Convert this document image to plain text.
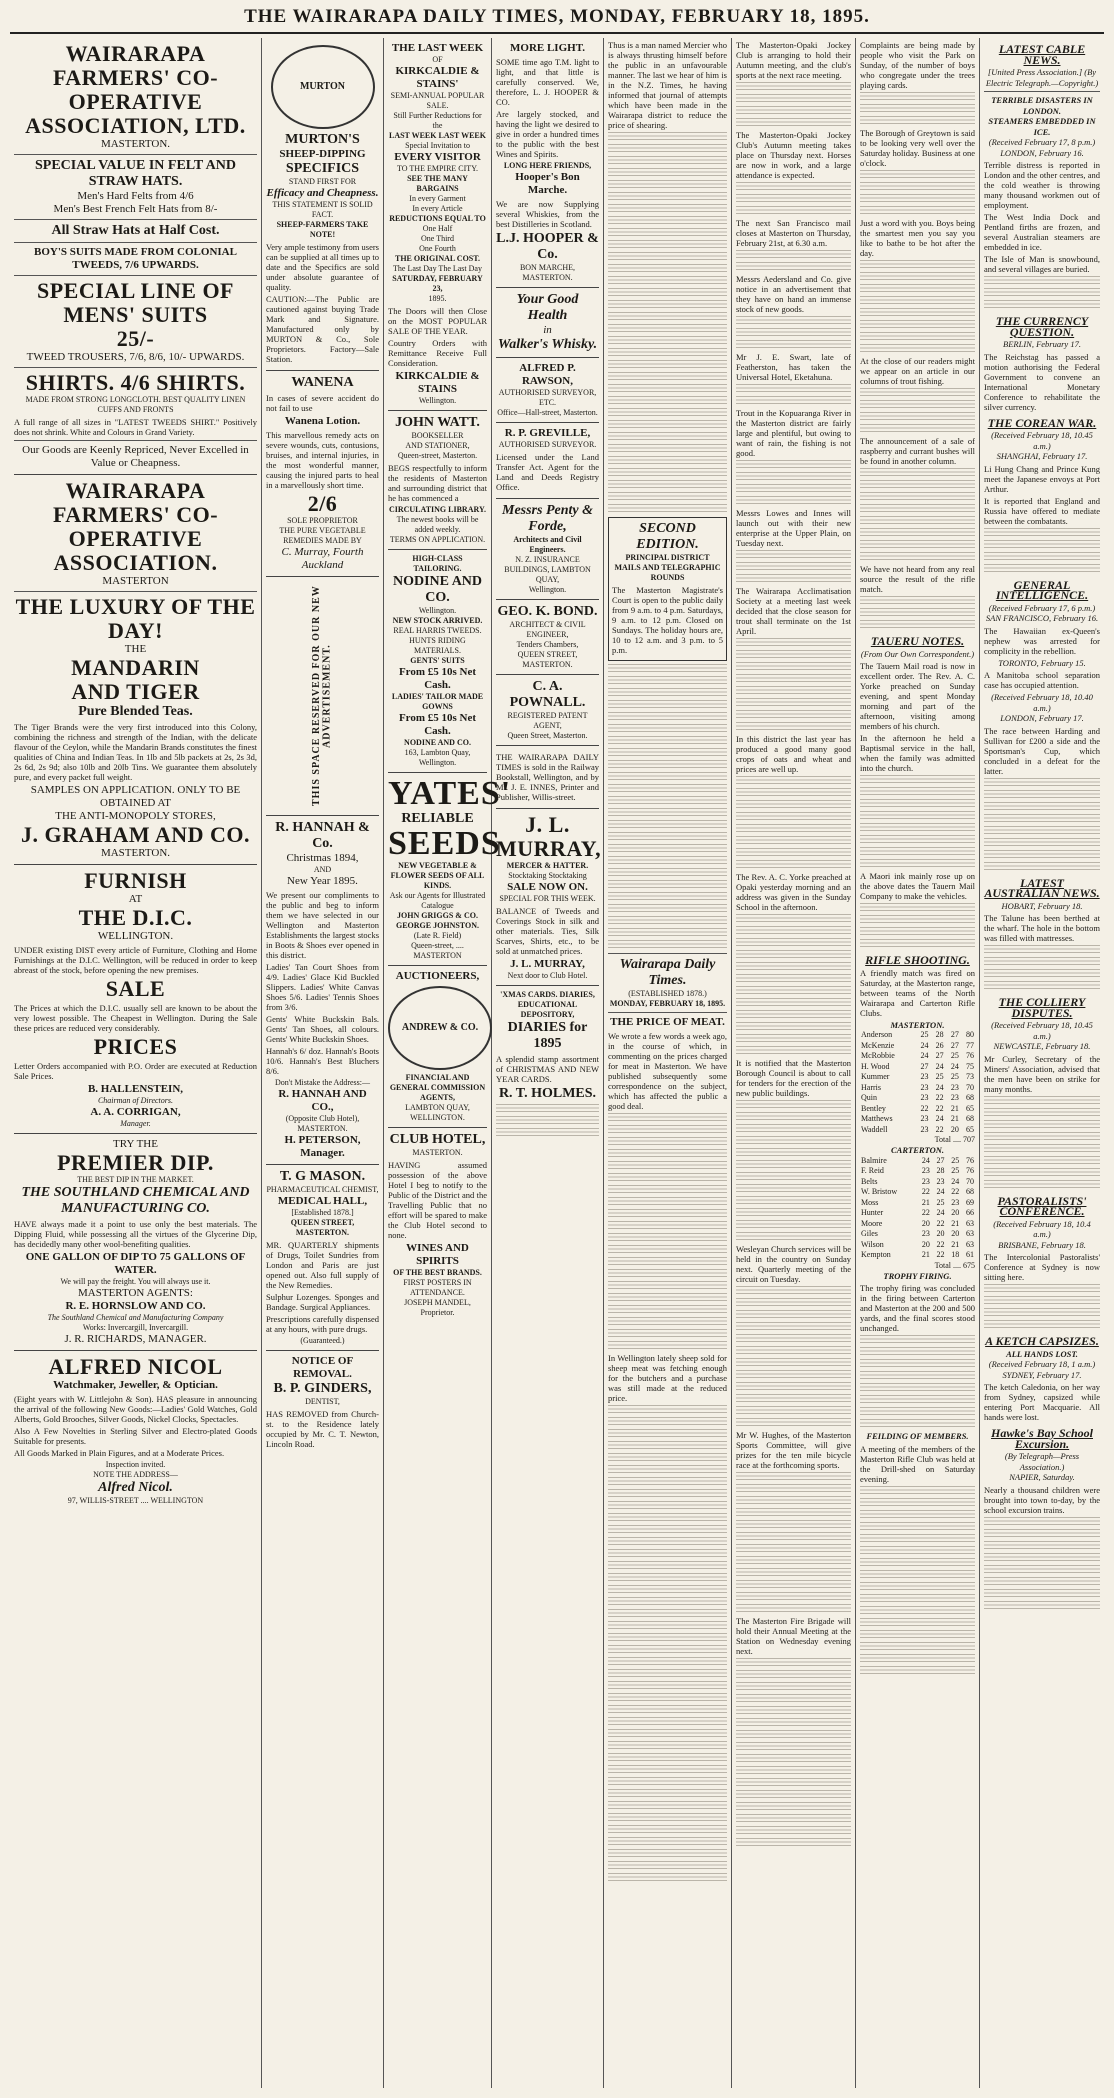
THE WAIRARAPA DAILY TIMES, MONDAY, FEBRUARY 18, 1895.
WAIRARAPA FARMERS' CO-OPERATIVE ASSOCIATION, LTD.
MASTERTON.
SPECIAL VALUE IN FELT AND STRAW HATS.
Men's Hard Felts from 4/6
Men's Best French Felt Hats from 8/-
All Straw Hats at Half Cost.
BOY'S SUITS MADE FROM COLONIAL TWEEDS, 7/6 UPWARDS.
SPECIAL LINE OF MENS' SUITS
25/-
TWEED TROUSERS, 7/6, 8/6, 10/- UPWARDS.
SHIRTS. 4/6 SHIRTS.
MADE FROM STRONG LONGCLOTH. BEST QUALITY LINEN CUFFS AND FRONTS
A full range of all sizes in "LATEST TWEEDS SHIRT." Positively does not shrink. White and Colours in Grand Variety.
Our Goods are Keenly Repriced, Never Excelled in Value or Cheapness.
WAIRARAPA FARMERS' CO-OPERATIVE ASSOCIATION.
MASTERTON
THE LUXURY OF THE DAY!
THE
MANDARIN
AND TIGER
Pure Blended Teas.
The Tiger Brands were the very first introduced into this Colony, combining the richness and strength of the Indian, with the delicate flavour of the Ceylon, while the Mandarin Brands constitutes the finest qualities of China and Indian Teas. In 1lb and 5lb packets at 2s, 2s 3d, 2s 6d, 2s 9d; also 10lb and 20lb Tins. We guarantee them absolutely pure, and every packet full weight.
SAMPLES ON APPLICATION. ONLY TO BE OBTAINED AT
THE ANTI-MONOPOLY STORES,
J. GRAHAM AND CO.
MASTERTON.
FURNISH
AT
THE D.I.C.
WELLINGTON.
UNDER existing DIST every article of Furniture, Clothing and Home Furnishings at the D.I.C. Wellington, will be reduced in order to keep abreast of the stock, before opening the new premises.
SALE
The Prices at which the D.I.C. usually sell are known to be about the very lowest possible. The Cheapest in Wellington. During the Sale these prices are reduced very considerably.
PRICES
Letter Orders accompanied with P.O. Order are executed at Reduction Sale Prices.
B. HALLENSTEIN,
Chairman of Directors.
A. A. CORRIGAN,
Manager.
TRY THE
PREMIER DIP.
THE BEST DIP IN THE MARKET.
THE SOUTHLAND CHEMICAL AND MANUFACTURING CO.
HAVE always made it a point to use only the best materials. The Dipping Fluid, while possessing all the virtues of the Glycerine Dip, has decidedly many other wool-benefiting qualities.
ONE GALLON OF DIP TO 75 GALLONS OF WATER.
We will pay the freight. You will always use it.
MASTERTON AGENTS:
R. E. HORNSLOW AND CO.
The Southland Chemical and Manufacturing Company
Works: Invercargill, Invercargill.
J. R. RICHARDS, MANAGER.
ALFRED NICOL
Watchmaker, Jeweller, & Optician.
(Eight years with W. Littlejohn & Son). HAS pleasure in announcing the arrival of the following New Goods:—Ladies' Gold Watches, Gold Alberts, Gold Brooches, Silver Goods, Nickel Clocks, Spectacles.
Also A Few Novelties in Sterling Silver and Electro-plated Goods Suitable for presents.
All Goods Marked in Plain Figures, and at a Moderate Prices.
Inspection invited.
NOTE THE ADDRESS—
Alfred Nicol.
97, WILLIS-STREET .... WELLINGTON
MURTON
MURTON'S
SHEEP-DIPPING
SPECIFICS
STAND FIRST FOR
Efficacy and Cheapness.
THIS STATEMENT IS SOLID FACT.
SHEEP-FARMERS TAKE NOTE!
Very ample testimony from users can be supplied at all times up to date and the Specifics are sold under absolute guarantee of quality.
CAUTION:—The Public are cautioned against buying Trade Mark and Signature. Manufactured only by MURTON & Co., Sole Proprietors. Factory—Sale Station.
WANENA
In cases of severe accident do not fail to use
Wanena Lotion.
This marvellous remedy acts on severe wounds, cuts, contusions, bruises, and internal injuries, in the most wonderful manner, causing the injured parts to heal in a marvellously short time.
2/6
SOLE PROPRIETOR
THE PURE VEGETABLE REMEDIES MADE BY
C. Murray, Fourth Auckland
THIS SPACE RESERVED FOR OUR NEW ADVERTISEMENT.
R. HANNAH & Co.
Christmas 1894,
AND
New Year 1895.
We present our compliments to the public and beg to inform them we have selected in our Wellington and Masterton Establishments the largest stocks in Boots & Shoes ever opened in this district.
Ladies' Tan Court Shoes from 4/9. Ladies' Glace Kid Buckled Slippers. Ladies' White Canvas Shoes 5/6. Ladies' Tennis Shoes from 3/6.
Gents' White Buckskin Bals. Gents' Tan Shoes, all colours. Gents' White Buckskin Shoes.
Hannah's 6/ doz. Hannah's Boots 10/6. Hannah's Best Bluchers 8/6.
Don't Mistake the Address:—
R. HANNAH AND CO.,
(Opposite Club Hotel),
MASTERTON.
H. PETERSON, Manager.
T. G MASON.
PHARMACEUTICAL CHEMIST,
MEDICAL HALL,
[Established 1878.]
QUEEN STREET, MASTERTON.
MR. QUARTERLY shipments of Drugs, Toilet Sundries from London and Paris are just opened out. Also full supply of the New Remedies.
Sulphur Lozenges. Sponges and Bandage. Surgical Appliances.
Prescriptions carefully dispensed at any hours, with pure drugs.
(Guaranteed.)
NOTICE OF REMOVAL.
B. P. GINDERS,
DENTIST,
HAS REMOVED from Church-st. to the Residence lately occupied by Mr. C. T. Newton, Lincoln Road.
THE LAST WEEK
OF
KIRKCALDIE & STAINS'
SEMI-ANNUAL POPULAR SALE.
Still Further Reductions for the
LAST WEEK LAST WEEK
Special Invitation to
EVERY VISITOR
TO THE EMPIRE CITY.
SEE THE MANY BARGAINS
In every Garment
In every Article
REDUCTIONS EQUAL TO
One Half
One Third
One Fourth
THE ORIGINAL COST.
The Last Day The Last Day
SATURDAY, FEBRUARY 23,
1895.
The Doors will then Close on the MOST POPULAR SALE OF THE YEAR.
Country Orders with Remittance Receive Full Consideration.
KIRKCALDIE & STAINS
Wellington.
JOHN WATT.
BOOKSELLER
AND STATIONER,
Queen-street, Masterton.
BEGS respectfully to inform the residents of Masterton and surrounding district that he has commenced a
CIRCULATING LIBRARY.
The newest books will be added weekly.
TERMS ON APPLICATION.
HIGH-CLASS TAILORING.
NODINE AND CO.
Wellington.
NEW STOCK ARRIVED.
REAL HARRIS TWEEDS. HUNTS RIDING MATERIALS.
GENTS' SUITS
From £5 10s Net Cash.
LADIES' TAILOR MADE GOWNS
From £5 10s Net Cash.
NODINE AND CO.
163, Lambton Quay, Wellington.
YATES'
RELIABLE
SEEDS
NEW VEGETABLE & FLOWER SEEDS OF ALL KINDS.
Ask our Agents for Illustrated Catalogue
JOHN GRIGGS & CO.
GEORGE JOHNSTON.
(Late R. Field)
Queen-street, .... MASTERTON
AUCTIONEERS,
ANDREW & CO.
FINANCIAL AND GENERAL COMMISSION AGENTS,
LAMBTON QUAY, WELLINGTON.
CLUB HOTEL,
MASTERTON.
HAVING assumed possession of the above Hotel I beg to notify to the Public of the District and the Travelling Public that no effort will be spared to make the Club Hotel second to none.
WINES AND SPIRITS
OF THE BEST BRANDS.
FIRST POSTERS IN ATTENDANCE.
JOSEPH MANDEL, Proprietor.
MORE LIGHT.
SOME time ago T.M. light to light, and that little is carefully conserved. We, therefore, L. J. HOOPER & CO.
Are largely stocked, and having the light we desired to give in order a hundred times to the public with the best Wines and Spirits.
LONG HERE FRIENDS,
Hooper's Bon Marche.
We are now Supplying several Whiskies, from the best Distilleries in Scotland.
L.J. HOOPER & Co.
BON MARCHE, MASTERTON.
Your Good Health
in
Walker's Whisky.
ALFRED P. RAWSON,
AUTHORISED SURVEYOR, ETC.
Office—Hall-street, Masterton.
R. P. GREVILLE,
AUTHORISED SURVEYOR.
Licensed under the Land Transfer Act. Agent for the Land and Deeds Registry Office.
Messrs Penty & Forde,
Architects and Civil Engineers.
N. Z. INSURANCE BUILDINGS, LAMBTON QUAY,
Wellington.
GEO. K. BOND.
ARCHITECT & CIVIL ENGINEER,
Tenders Chambers,
QUEEN STREET, MASTERTON.
C. A. POWNALL.
REGISTERED PATENT AGENT,
Queen Street, Masterton.
THE WAIRARAPA DAILY TIMES is sold in the Railway Bookstall, Wellington, and by Mr. J. E. INNES, Printer and Publisher, Willis-street.
J. L. MURRAY,
MERCER & HATTER.
Stocktaking Stocktaking
SALE NOW ON.
SPECIAL FOR THIS WEEK.
BALANCE of Tweeds and Coverings Stock in silk and other materials. Ties, Silk Scarves, Shirts, etc., to be sold at unmatched prices.
J. L. MURRAY,
Next door to Club Hotel.
'XMAS CARDS. DIARIES, EDUCATIONAL DEPOSITORY,
DIARIES for 1895
A splendid stamp assortment of CHRISTMAS AND NEW YEAR CARDS.
R. T. HOLMES.
Thus is a man named Mercier who is always thrusting himself before the public in an unfavourable manner. The last we hear of him is in the N.Z. Times, he having informed that journal of attempts which have been made in the Wairarapa district to reduce the price of shearing.
SECOND EDITION.
PRINCIPAL DISTRICT MAILS AND TELEGRAPHIC ROUNDS
The Masterton Magistrate's Court is open to the public daily from 9 a.m. to 4 p.m. Saturdays, 9 a.m. to 12 p.m. Closed on Sundays. The holiday hours are, 10 to 12 a.m. and 3 p.m. to 5 p.m.
Wairarapa Daily Times.
(ESTABLISHED 1878.)
MONDAY, FEBRUARY 18, 1895.
THE PRICE OF MEAT.
We wrote a few words a week ago, in the course of which, in commenting on the prices charged for meat in Masterton. We have published subsequently some correspondence on the subject, which has affected the public a good deal.
In Wellington lately sheep sold for sheep meat was fetching enough for the butchers and a purchase was still made at the reduced price.
The Masterton-Opaki Jockey Club is arranging to hold their Autumn meeting, and the club's sports at the next race meeting.
The Masterton-Opaki Jockey Club's Autumn meeting takes place on Thursday next. Horses are now in work, and a large attendance is expected.
The next San Francisco mail closes at Masterton on Thursday, February 21st, at 6.30 a.m.
Messrs Aedersland and Co. give notice in an advertisement that they have on hand an immense stock of new goods.
Mr J. E. Swart, late of Featherston, has taken the Universal Hotel, Eketahuna.
Trout in the Kopuaranga River in the Masterton district are fairly large and plentiful, but owing to want of rain, the fishing is not good.
Messrs Lowes and Innes will launch out with their new enterprise at the Upper Plain, on Tuesday next.
The Wairarapa Acclimatisation Society at a meeting last week decided that the close season for trout shall terminate on the 1st April.
In this district the last year has produced a good many good crops of oats and wheat and prices are well up.
The Rev. A. C. Yorke preached at Opaki yesterday morning and an address was given in the Sunday School in the afternoon.
It is notified that the Masterton Borough Council is about to call for tenders for the erection of the new public buildings.
Wesleyan Church services will be held in the country on Sunday next. Quarterly meeting of the circuit on Tuesday.
Mr W. Hughes, of the Masterton Sports Committee, will give prizes for the ten mile bicycle race at the forthcoming sports.
The Masterton Fire Brigade will hold their Annual Meeting at the Station on Wednesday evening next.
Complaints are being made by people who visit the Park on Sunday, of the number of boys who congregate under the trees playing cards.
The Borough of Greytown is said to be looking very well over the Saturday holiday. Business at one o'clock.
Just a word with you. Boys being the smartest men you say you like to bathe to be hot after the day.
At the close of our readers might we appear on an article in our columns of trout fishing.
The announcement of a sale of raspberry and currant bushes will be found in another column.
We have not heard from any real source the result of the rifle match.
TAUERU NOTES.
(From Our Own Correspondent.)
The Tauern Mail road is now in excellent order. The Rev. A. C. Yorke preached on Sunday evening, and spent Monday morning and part of the afternoon, visiting among members of his church.
In the afternoon he held a Baptismal service in the hall, when the family was admitted into the church.
A Maori ink mainly rose up on the above dates the Tauern Mail Company to make the vehicles.
RIFLE SHOOTING.
A friendly match was fired on Saturday, at the Masterton range, between teams of the North Wairarapa and Carterton Rifle Clubs.
MASTERTON.
Anderson	25	28	27	80
McKenzie	24	26	27	77
McRobbie	24	27	25	76
H. Wood	27	24	24	75
Kummer	23	25	25	73
Harris	23	24	23	70
Quin	23	22	23	68
Bentley	22	22	21	65
Matthews	23	24	21	68
Waddell	23	22	20	65
Total .... 707
CARTERTON.
Balmire	24	27	25	76
F. Reid	23	28	25	76
Belts	23	23	24	70
W. Bristow	22	24	22	68
Moss	21	25	23	69
Hunter	22	24	20	66
Moore	20	22	21	63
Giles	23	20	20	63
Wilson	20	22	21	63
Kempton	21	22	18	61
Total .... 675
TROPHY FIRING.
The trophy firing was concluded in the firing between Carterton and Masterton at the 200 and 500 yards, and the final scores stood unchanged.
FEILDING OF MEMBERS.
A meeting of the members of the Masterton Rifle Club was held at the Drill-shed on Saturday evening.
LATEST CABLE NEWS.
[United Press Association.] (By Electric Telegraph.—Copyright.)
TERRIBLE DISASTERS IN LONDON.
STEAMERS EMBEDDED IN ICE.
(Received February 17, 8 p.m.)
LONDON, February 16.
Terrible distress is reported in London and the other centres, and the cold weather is throwing many thousand workmen out of employment.
The West India Dock and Pentland firths are frozen, and several Australian steamers are embedded in ice.
The Isle of Man is snowbound, and several villages are buried.
THE CURRENCY QUESTION.
BERLIN, February 17.
The Reichstag has passed a motion authorising the Federal Government to convene an International Monetary Conference to rehabilitate the silver currency.
THE COREAN WAR.
(Received February 18, 10.45 a.m.)
SHANGHAI, February 17.
Li Hung Chang and Prince Kung meet the Japanese envoys at Port Arthur.
It is reported that England and Russia have offered to mediate between the combatants.
GENERAL INTELLIGENCE.
(Received February 17, 6 p.m.)
SAN FRANCISCO, February 16.
The Hawaiian ex-Queen's nephew was arrested for complicity in the rebellion.
TORONTO, February 15.
A Manitoba school separation case has occupied attention.
(Received February 18, 10.40 a.m.)
LONDON, February 17.
The race between Harding and Sullivan for £200 a side and the Sportsman's Cup, which concluded in a defeat for the latter.
LATEST AUSTRALIAN NEWS.
HOBART, February 18.
The Talune has been berthed at the wharf. The hole in the bottom was filled with mattresses.
THE COLLIERY DISPUTES.
(Received February 18, 10.45 a.m.)
NEWCASTLE, February 18.
Mr Curley, Secretary of the Miners' Association, advised that the men have been on strike for many months.
PASTORALISTS' CONFERENCE.
(Received February 18, 10.4 a.m.)
BRISBANE, February 18.
The Intercolonial Pastoralists' Conference at Sydney is now sitting here.
A KETCH CAPSIZES.
ALL HANDS LOST.
(Received February 18, 1 a.m.)
SYDNEY, February 17.
The ketch Caledonia, on her way from Sydney, capsized while entering Port Macquarie. All hands were lost.
Hawke's Bay School Excursion.
(By Telegraph—Press Association.)
NAPIER, Saturday.
Nearly a thousand children were brought into town to-day, by the school excursion trains.
